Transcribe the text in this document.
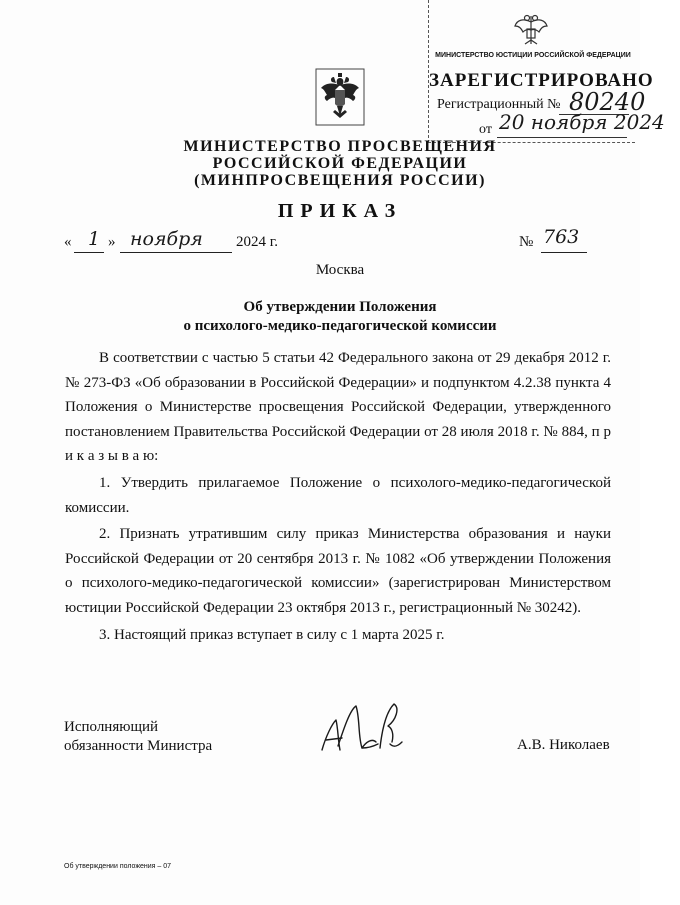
МИНИСТЕРСТВО ЮСТИЦИИ РОССИЙСКОЙ ФЕДЕРАЦИИ
ЗАРЕГИСТРИРОВАНО
Регистрационный № 80240
от 20 ноября 2024
МИНИСТЕРСТВО ПРОСВЕЩЕНИЯ
РОССИЙСКОЙ ФЕДЕРАЦИИ
(МИНПРОСВЕЩЕНИЯ РОССИИ)
ПРИКАЗ
« 1 » ноября 2024 г.	№ 763
Москва
Об утверждении Положения
о психолого-медико-педагогической комиссии

В соответствии с частью 5 статьи 42 Федерального закона от 29 декабря 2012 г. № 273-ФЗ «Об образовании в Российской Федерации» и подпунктом 4.2.38 пункта 4 Положения о Министерстве просвещения Российской Федерации, утвержденного постановлением Правительства Российской Федерации от 28 июля 2018 г. № 884, п р и к а з ы в а ю:

1. Утвердить прилагаемое Положение о психолого-медико-педагогической комиссии.

2. Признать утратившим силу приказ Министерства образования и науки Российской Федерации от 20 сентября 2013 г. № 1082 «Об утверждении Положения о психолого-медико-педагогической комиссии» (зарегистрирован Министерством юстиции Российской Федерации 23 октября 2013 г., регистрационный № 30242).

3. Настоящий приказ вступает в силу с 1 марта 2025 г.

Исполняющий
обязанности Министра	А.В. Николаев
Об утверждении положения – 07
